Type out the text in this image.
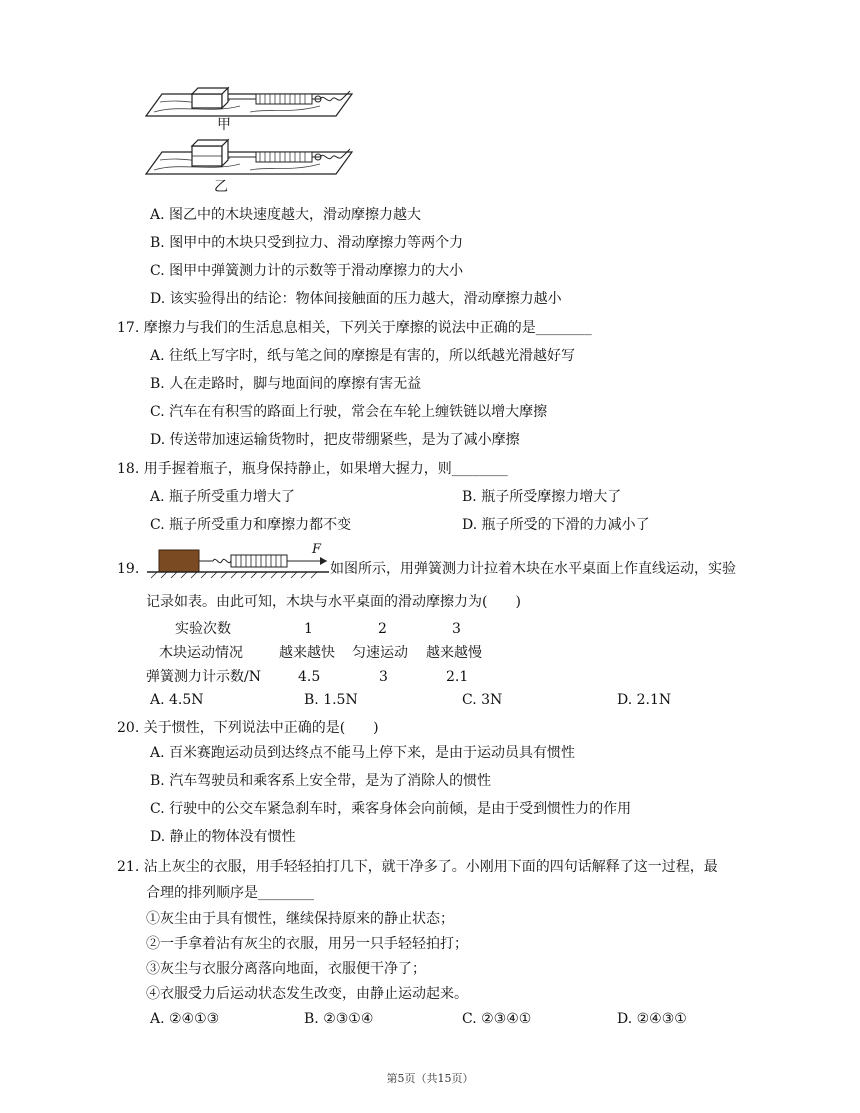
甲
乙
A. 图乙中的木块速度越大，滑动摩擦力越大
B. 图甲中的木块只受到拉力、滑动摩擦力等两个力
C. 图甲中弹簧测力计的示数等于滑动摩擦力的大小
D. 该实验得出的结论：物体间接触面的压力越大，滑动摩擦力越小
17. 摩擦力与我们的生活息息相关，下列关于摩擦的说法中正确的是________
A. 往纸上写字时，纸与笔之间的摩擦是有害的，所以纸越光滑越好写
B. 人在走路时，脚与地面间的摩擦有害无益
C. 汽车在有积雪的路面上行驶，常会在车轮上缠铁链以增大摩擦
D. 传送带加速运输货物时，把皮带绷紧些，是为了减小摩擦
18. 用手握着瓶子，瓶身保持静止，如果增大握力，则________
A. 瓶子所受重力增大了	B. 瓶子所受摩擦力增大了
C. 瓶子所受重力和摩擦力都不变	D. 瓶子所受的下滑的力减小了
19.
F
如图所示，用弹簧测力计拉着木块在水平桌面上作直线运动，实验
记录如表。由此可知，木块与水平桌面的滑动摩擦力为(　　)
实验次数	1	2	3
木块运动情况	越来越快 匀速运动 越来越慢
弹簧测力计示数/N	4.5	3	2.1
A. 4.5N	B. 1.5N	C. 3N	D. 2.1N
20. 关于惯性，下列说法中正确的是(　　)
A. 百米赛跑运动员到达终点不能马上停下来，是由于运动员具有惯性
B. 汽车驾驶员和乘客系上安全带，是为了消除人的惯性
C. 行驶中的公交车紧急刹车时，乘客身体会向前倾，是由于受到惯性力的作用
D. 静止的物体没有惯性
21. 沾上灰尘的衣服，用手轻轻拍打几下，就干净多了。小刚用下面的四句话解释了这一过程，最
合理的排列顺序是________
①灰尘由于具有惯性，继续保持原来的静止状态；
②一手拿着沾有灰尘的衣服，用另一只手轻轻拍打；
③灰尘与衣服分离落向地面，衣服便干净了；
④衣服受力后运动状态发生改变，由静止运动起来。
A. ②④①③	B. ②③①④	C. ②③④①	D. ②④③①
第5页（共15页）
